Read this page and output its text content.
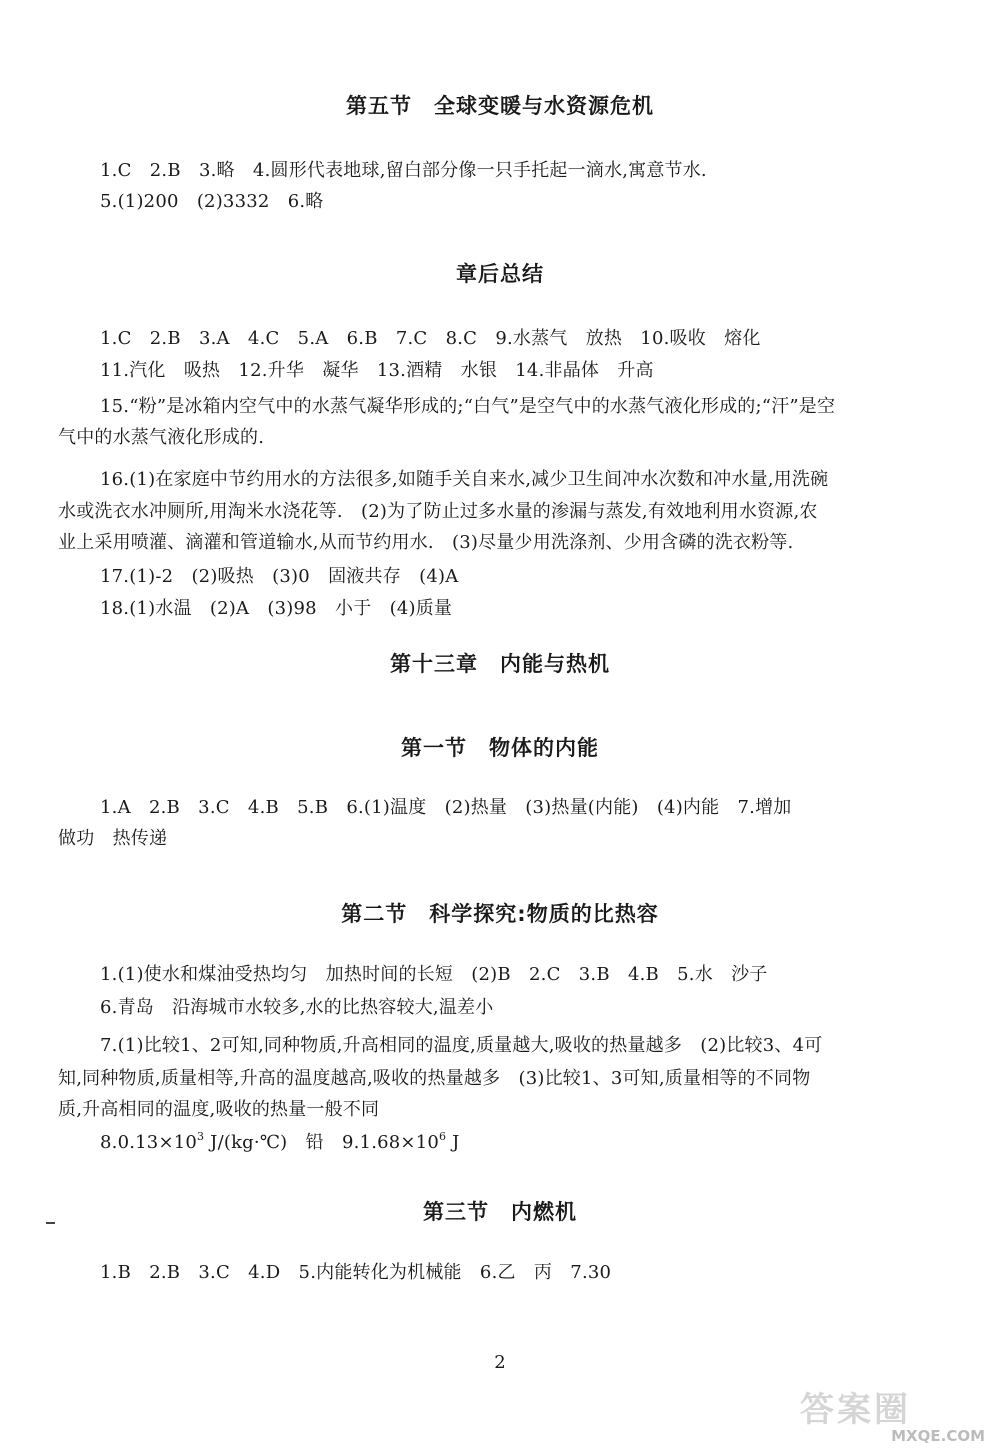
第五节　全球变暖与水资源危机
1.C　2.B　3.略　4.圆形代表地球,留白部分像一只手托起一滴水,寓意节水.
5.(1)200　(2)3332　6.略
章后总结
1.C　2.B　3.A　4.C　5.A　6.B　7.C　8.C　9.水蒸气　放热　10.吸收　熔化
11.汽化　吸热　12.升华　凝华　13.酒精　水银　14.非晶体　升高
15.“粉”是冰箱内空气中的水蒸气凝华形成的;“白气”是空气中的水蒸气液化形成的;“汗”是空
气中的水蒸气液化形成的.
16.(1)在家庭中节约用水的方法很多,如随手关自来水,减少卫生间冲水次数和冲水量,用洗碗
水或洗衣水冲厕所,用淘米水浇花等.　(2)为了防止过多水量的渗漏与蒸发,有效地利用水资源,农
业上采用喷灌、滴灌和管道输水,从而节约用水.　(3)尽量少用洗涤剂、少用含磷的洗衣粉等.
17.(1)-2　(2)吸热　(3)0　固液共存　(4)A
18.(1)水温　(2)A　(3)98　小于　(4)质量
第十三章　内能与热机
第一节　物体的内能
1.A　2.B　3.C　4.B　5.B　6.(1)温度　(2)热量　(3)热量(内能)　(4)内能　7.增加
做功　热传递
第二节　科学探究:物质的比热容
1.(1)使水和煤油受热均匀　加热时间的长短　(2)B　2.C　3.B　4.B　5.水　沙子
6.青岛　沿海城市水较多,水的比热容较大,温差小
7.(1)比较1、2可知,同种物质,升高相同的温度,质量越大,吸收的热量越多　(2)比较3、4可
知,同种物质,质量相等,升高的温度越高,吸收的热量越多　(3)比较1、3可知,质量相等的不同物
质,升高相同的温度,吸收的热量一般不同
$8.0.13\times 10^3$ J/(kg·℃)　铅　$9.1.68\times 10^6$ J
第三节　内燃机
1.B　2.B　3.C　4.D　5.内能转化为机械能　6.乙　丙　7.30
2
答案圈
MXQE.COM
